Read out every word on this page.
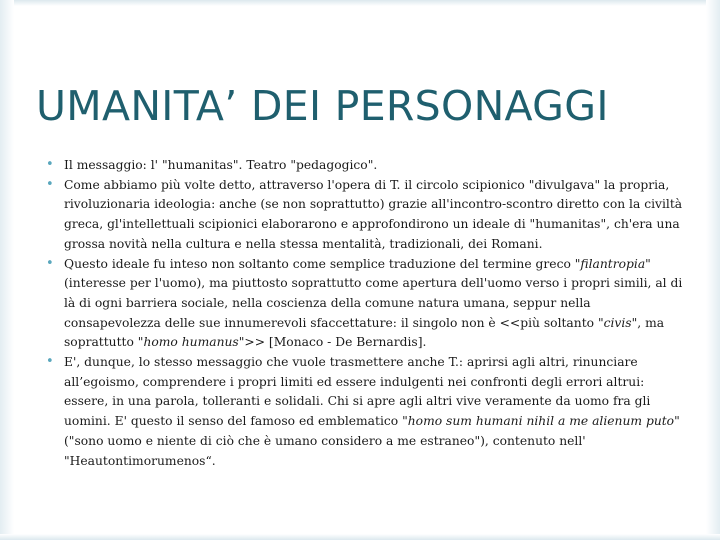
UMANITA’ DEI PERSONAGGI

• Il messaggio: l' "humanitas". Teatro "pedagogico".

• Come abbiamo più volte detto, attraverso l'opera di T. il circolo scipionico "divulgava" la propria, rivoluzionaria ideologia: anche (se non soprattutto) grazie all'incontro-scontro diretto con la civiltà greca, gl'intellettuali scipionici elaborarono e approfondirono un ideale di "humanitas", ch'era una grossa novità nella cultura e nella stessa mentalità, tradizionali, dei Romani.

• Questo ideale fu inteso non soltanto come semplice traduzione del termine greco "filantropia" (interesse per l'uomo), ma piuttosto soprattutto come apertura dell'uomo verso i propri simili, al di là di ogni barriera sociale, nella coscienza della comune natura umana, seppur nella consapevolezza delle sue innumerevoli sfaccettature: il singolo non è <<più soltanto "civis", ma soprattutto "homo humanus">> [Monaco - De Bernardis].

• E', dunque, lo stesso messaggio che vuole trasmettere anche T.: aprirsi agli altri, rinunciare all’egoismo, comprendere i propri limiti ed essere indulgenti nei confronti degli errori altrui: essere, in una parola, tolleranti e solidali. Chi si apre agli altri vive veramente da uomo fra gli uomini. E' questo il senso del famoso ed emblematico "homo sum humani nihil a me alienum puto" ("sono uomo e niente di ciò che è umano considero a me estraneo"), contenuto nell' "Heautontimorumenos“.
